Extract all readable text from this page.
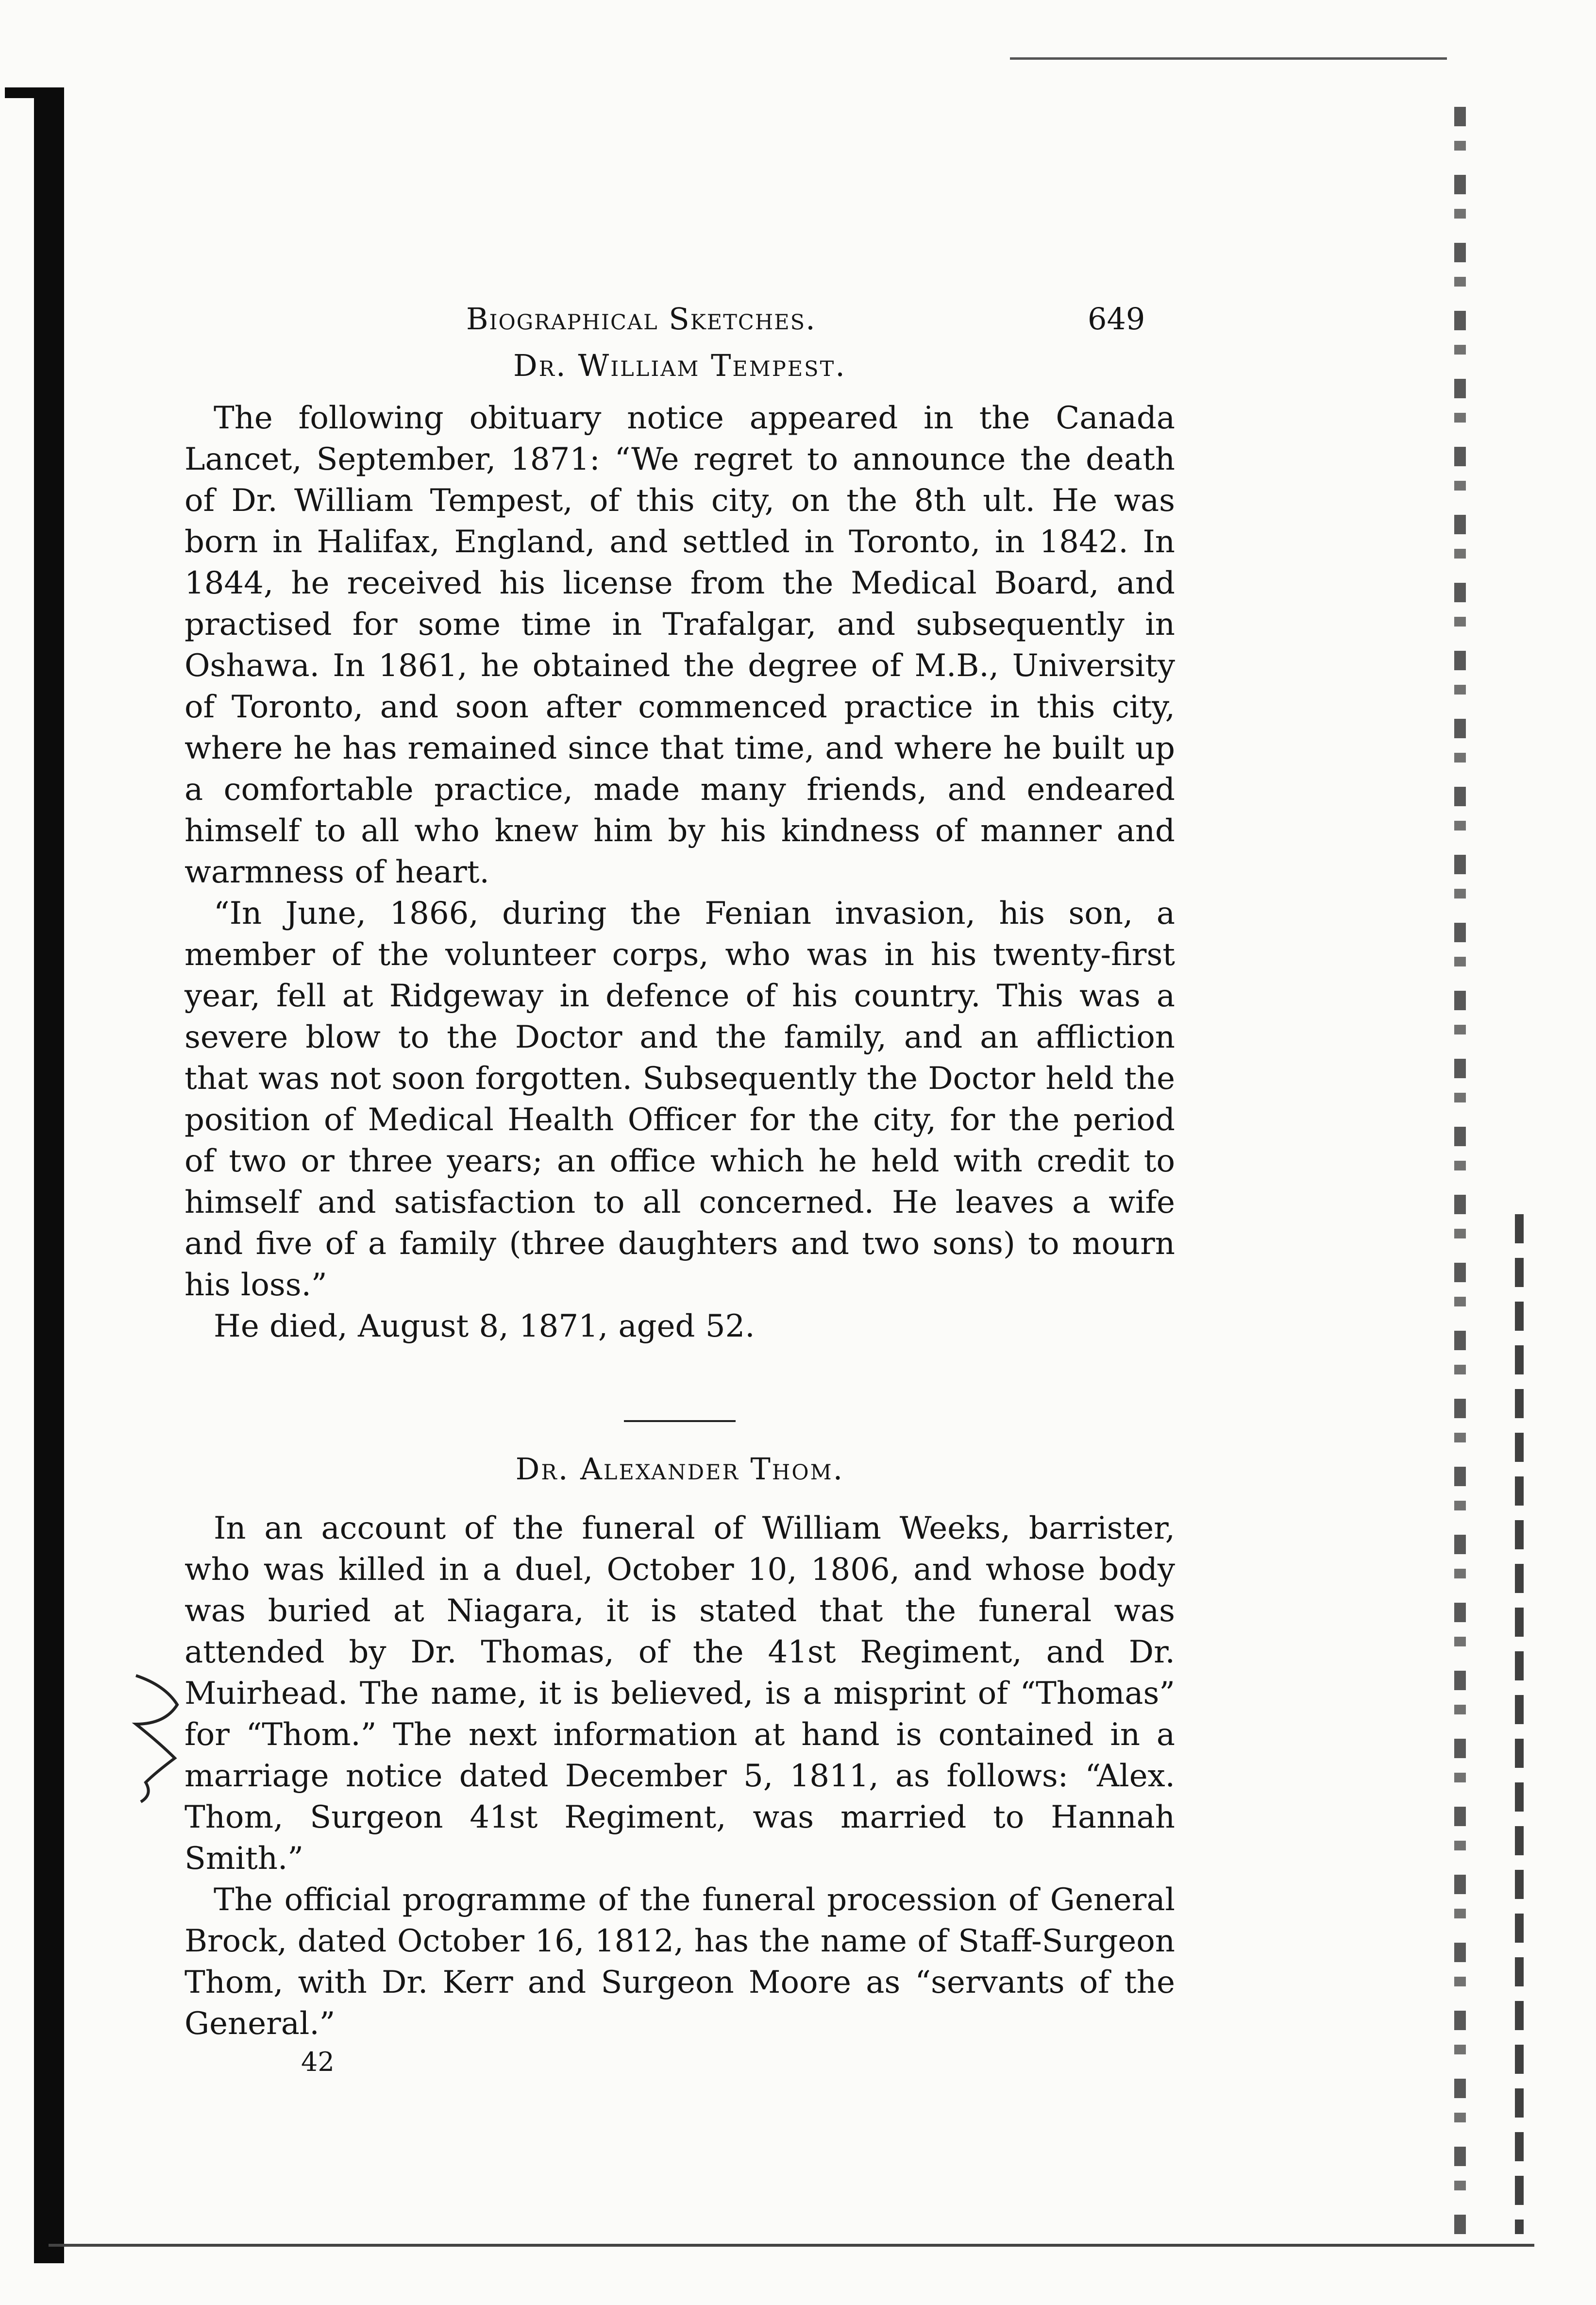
Biographical Sketches.	649
Dr. William Tempest.

The following obituary notice appeared in the Canada Lancet, September, 1871: “We regret to announce the death of Dr. William Tempest, of this city, on the 8th ult. He was born in Halifax, England, and settled in Toronto, in 1842. In 1844, he received his license from the Medical Board, and practised for some time in Trafalgar, and subsequently in Oshawa. In 1861, he obtained the degree of M.B., University of Toronto, and soon after commenced practice in this city, where he has remained since that time, and where he built up a comfortable practice, made many friends, and endeared himself to all who knew him by his kindness of manner and warmness of heart.

“In June, 1866, during the Fenian invasion, his son, a member of the volunteer corps, who was in his twenty-first year, fell at Ridgeway in defence of his country. This was a severe blow to the Doctor and the family, and an affliction that was not soon forgotten. Subsequently the Doctor held the position of Medical Health Officer for the city, for the period of two or three years; an office which he held with credit to himself and satisfaction to all concerned. He leaves a wife and five of a family (three daughters and two sons) to mourn his loss.”

He died, August 8, 1871, aged 52.

Dr. Alexander Thom.

In an account of the funeral of William Weeks, barrister, who was killed in a duel, October 10, 1806, and whose body was buried at Niagara, it is stated that the funeral was attended by Dr. Thomas, of the 41st Regiment, and Dr. Muirhead. The name, it is believed, is a misprint of “Thomas” for “Thom.” The next information at hand is contained in a marriage notice dated December 5, 1811, as follows: “Alex. Thom, Surgeon 41st Regiment, was married to Hannah Smith.”

The official programme of the funeral procession of General Brock, dated October 16, 1812, has the name of Staff-Surgeon Thom, with Dr. Kerr and Surgeon Moore as “servants of the General.”

42
